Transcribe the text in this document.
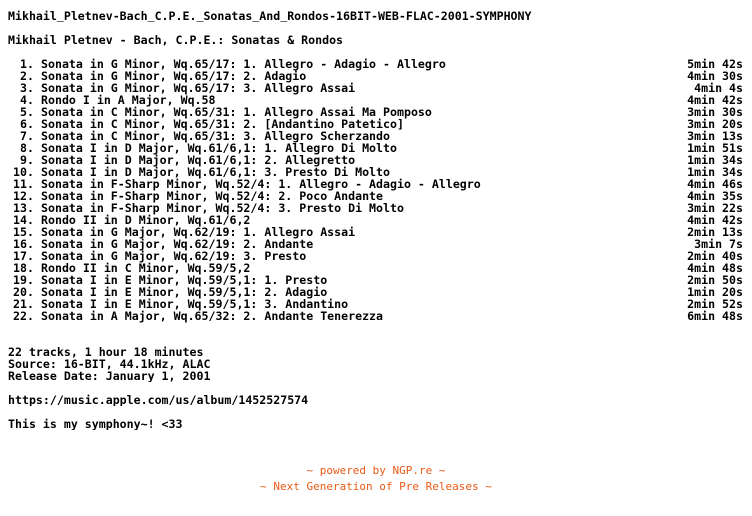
Mikhail_Pletnev-Bach_C.P.E._Sonatas_And_Rondos-16BIT-WEB-FLAC-2001-SYMPHONY
Mikhail Pletnev - Bach, C.P.E.: Sonatas & Rondos
1. Sonata in G Minor, Wq.65/17: 1. Allegro - Adagio - Allegro	5min 42s
2. Sonata in G Minor, Wq.65/17: 2. Adagio	4min 30s
3. Sonata in G Minor, Wq.65/17: 3. Allegro Assai	4min 4s
4. Rondo I in A Major, Wq.58	4min 42s
5. Sonata in C Minor, Wq.65/31: 1. Allegro Assai Ma Pomposo	3min 30s
6. Sonata in C Minor, Wq.65/31: 2. [Andantino Patetico]	3min 20s
7. Sonata in C Minor, Wq.65/31: 3. Allegro Scherzando	3min 13s
8. Sonata I in D Major, Wq.61/6,1: 1. Allegro Di Molto	1min 51s
9. Sonata I in D Major, Wq.61/6,1: 2. Allegretto	1min 34s
10. Sonata I in D Major, Wq.61/6,1: 3. Presto Di Molto	1min 34s
11. Sonata in F-Sharp Minor, Wq.52/4: 1. Allegro - Adagio - Allegro	4min 46s
12. Sonata in F-Sharp Minor, Wq.52/4: 2. Poco Andante	4min 35s
13. Sonata in F-Sharp Minor, Wq.52/4: 3. Presto Di Molto	3min 22s
14. Rondo II in D Minor, Wq.61/6,2	4min 42s
15. Sonata in G Major, Wq.62/19: 1. Allegro Assai	2min 13s
16. Sonata in G Major, Wq.62/19: 2. Andante	3min 7s
17. Sonata in G Major, Wq.62/19: 3. Presto	2min 40s
18. Rondo II in C Minor, Wq.59/5,2	4min 48s
19. Sonata I in E Minor, Wq.59/5,1: 1. Presto	2min 50s
20. Sonata I in E Minor, Wq.59/5,1: 2. Adagio	1min 20s
21. Sonata I in E Minor, Wq.59/5,1: 3. Andantino	2min 52s
22. Sonata in A Major, Wq.65/32: 2. Andante Tenerezza	6min 48s
22 tracks, 1 hour 18 minutes
Source: 16-BIT, 44.1kHz, ALAC
Release Date: January 1, 2001
https://music.apple.com/us/album/1452527574
This is my symphony~! <33
~ powered by NGP.re ~
~ Next Generation of Pre Releases ~
